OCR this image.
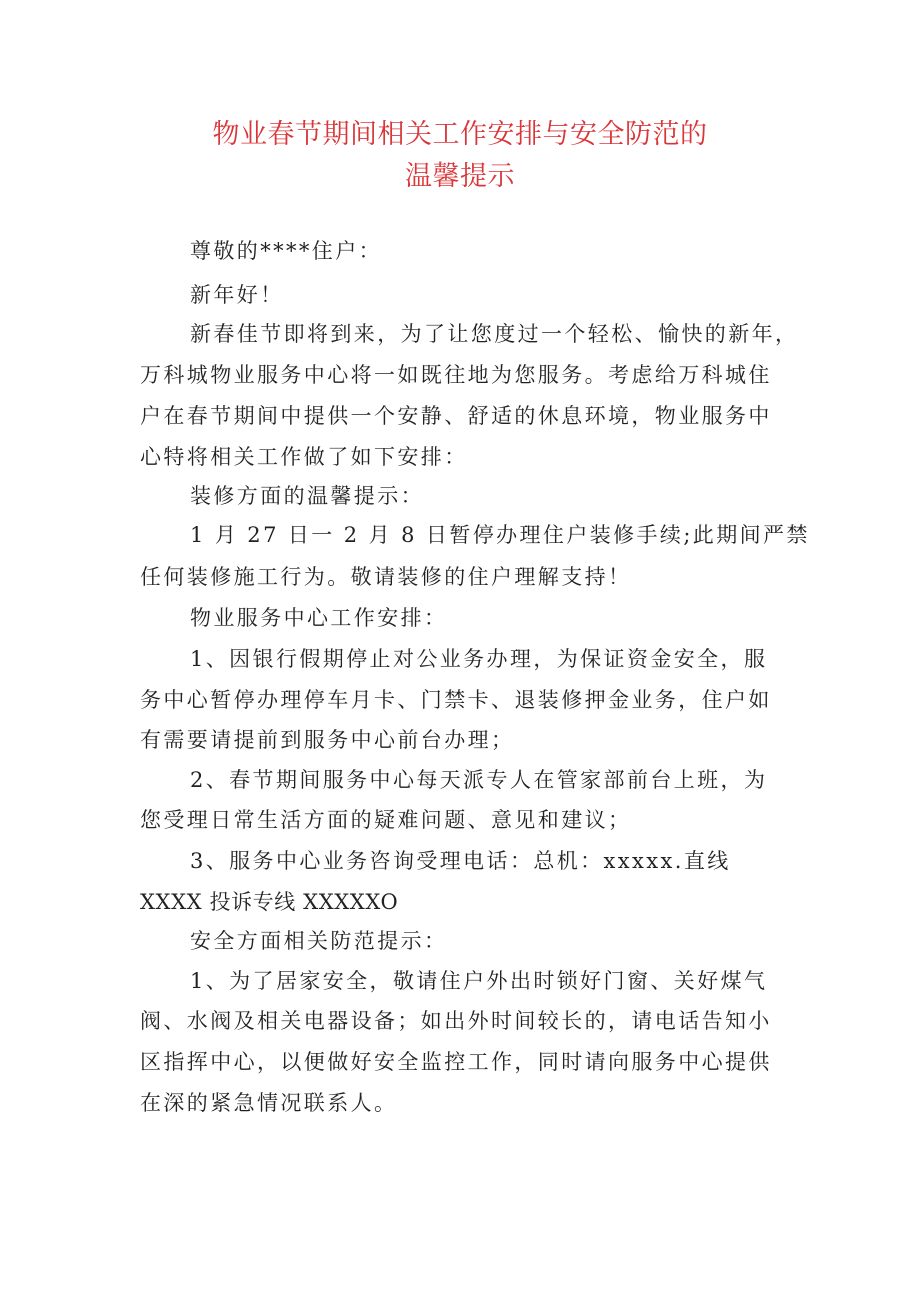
物业春节期间相关工作安排与安全防范的
温馨提示
尊敬的****住户：
新年好！
新春佳节即将到来，为了让您度过一个轻松、愉快的新年，
万科城物业服务中心将一如既往地为您服务。考虑给万科城住
户在春节期间中提供一个安静、舒适的休息环境，物业服务中
心特将相关工作做了如下安排：
装修方面的温馨提示：
1 月 27 日一 2 月 8 日暂停办理住户装修手续;此期间严禁
任何装修施工行为。敬请装修的住户理解支持！
物业服务中心工作安排：
1、因银行假期停止对公业务办理，为保证资金安全，服
务中心暂停办理停车月卡、门禁卡、退装修押金业务，住户如
有需要请提前到服务中心前台办理；
2、春节期间服务中心每天派专人在管家部前台上班，为
您受理日常生活方面的疑难问题、意见和建议；
3、服务中心业务咨询受理电话：总机：xxxxx.直线
XXXX 投诉专线 XXXXXO
安全方面相关防范提示：
1、为了居家安全，敬请住户外出时锁好门窗、关好煤气
阀、水阀及相关电器设备；如出外时间较长的，请电话告知小
区指挥中心，以便做好安全监控工作，同时请向服务中心提供
在深的紧急情况联系人。
